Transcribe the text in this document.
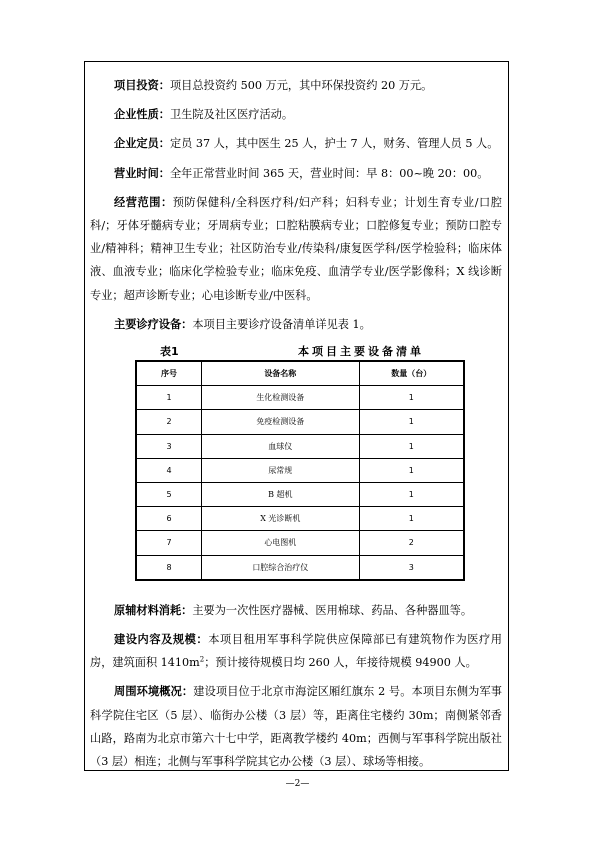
项目投资：项目总投资约 500 万元，其中环保投资约 20 万元。

企业性质：卫生院及社区医疗活动。

企业定员：定员 37 人，其中医生 25 人，护士 7 人，财务、管理人员 5 人。

营业时间：全年正常营业时间 365 天，营业时间：早 8：00~晚 20：00。

经营范围：预防保健科/全科医疗科/妇产科；妇科专业；计划生育专业/口腔科/；牙体牙髓病专业；牙周病专业；口腔粘膜病专业；口腔修复专业；预防口腔专业/精神科；精神卫生专业；社区防治专业/传染科/康复医学科/医学检验科；临床体液、血液专业；临床化学检验专业；临床免疫、血清学专业/医学影像科；X 线诊断专业；超声诊断专业；心电诊断专业/中医科。

主要诊疗设备：本项目主要诊疗设备清单详见表 1。

表1	本项目主要设备清单
序号	设备名称	数量（台）
1	生化检测设备	1
2	免疫检测设备	1
3	血球仪	1
4	尿常规	1
5	B 超机	1
6	X 光诊断机	1
7	心电图机	2
8	口腔综合治疗仪	3

原辅材料消耗：主要为一次性医疗器械、医用棉球、药品、各种器皿等。

建设内容及规模：本项目租用军事科学院供应保障部已有建筑物作为医疗用房，建筑面积 $1410m^2$；预计接待规模日均 260 人，年接待规模 94900 人。

周围环境概况：建设项目位于北京市海淀区厢红旗东 2 号。本项目东侧为军事科学院住宅区（5 层）、临街办公楼（3 层）等，距离住宅楼约 30m；南侧紧邻香山路，路南为北京市第六十七中学，距离教学楼约 40m；西侧与军事科学院出版社（3 层）相连；北侧与军事科学院其它办公楼（3 层）、球场等相接。

—2—
